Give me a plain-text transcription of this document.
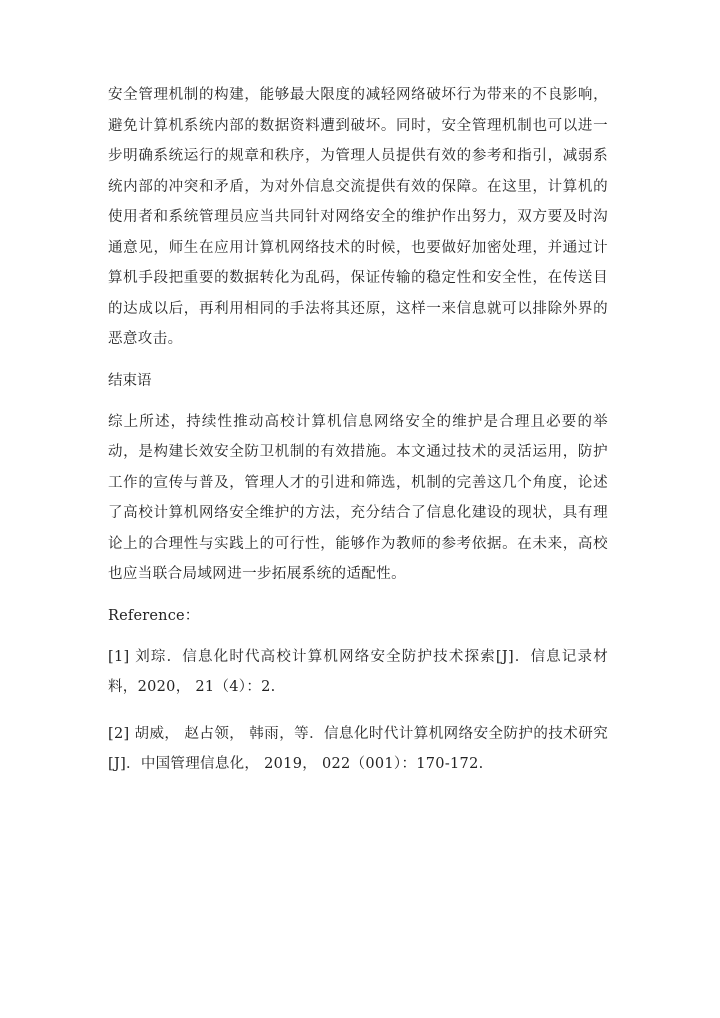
安全管理机制的构建，能够最大限度的减轻网络破坏行为带来的不良影响，避免计算机系统内部的数据资料遭到破坏。同时，安全管理机制也可以进一步明确系统运行的规章和秩序，为管理人员提供有效的参考和指引，减弱系统内部的冲突和矛盾，为对外信息交流提供有效的保障。在这里，计算机的使用者和系统管理员应当共同针对网络安全的维护作出努力，双方要及时沟通意见，师生在应用计算机网络技术的时候，也要做好加密处理，并通过计算机手段把重要的数据转化为乱码，保证传输的稳定性和安全性，在传送目的达成以后，再利用相同的手法将其还原，这样一来信息就可以排除外界的恶意攻击。

结束语

综上所述，持续性推动高校计算机信息网络安全的维护是合理且必要的举动，是构建长效安全防卫机制的有效措施。本文通过技术的灵活运用，防护工作的宣传与普及，管理人才的引进和筛选，机制的完善这几个角度，论述了高校计算机网络安全维护的方法，充分结合了信息化建设的现状，具有理论上的合理性与实践上的可行性，能够作为教师的参考依据。在未来，高校也应当联合局域网进一步拓展系统的适配性。

Reference：
[1] 刘琮．信息化时代高校计算机网络安全防护技术探索[J]．信息记录材料，2020， 21（4）：2.
[2] 胡威， 赵占领， 韩雨，等．信息化时代计算机网络安全防护的技术研究[J]．中国管理信息化， 2019， 022（001）：170-172.
